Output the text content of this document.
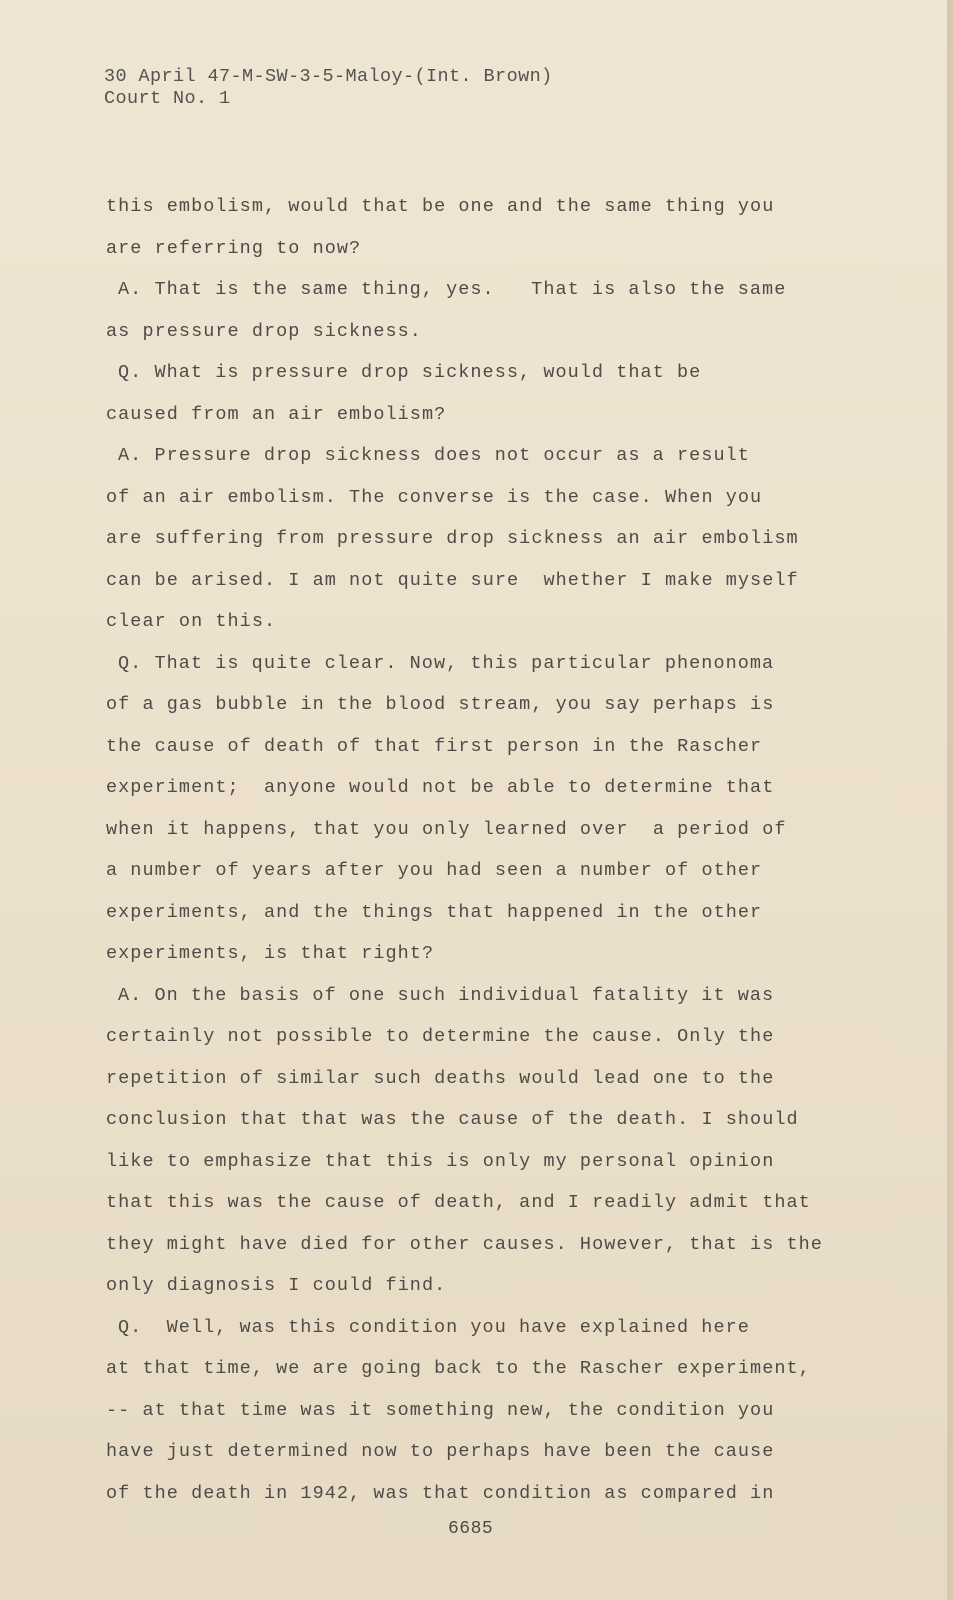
30 April 47-M-SW-3-5-Maloy-(Int. Brown)
Court No. 1
this embolism, would that be one and the same thing you
are referring to now?
A. That is the same thing, yes.   That is also the same
as pressure drop sickness.
Q. What is pressure drop sickness, would that be
caused from an air embolism?
A. Pressure drop sickness does not occur as a result
of an air embolism. The converse is the case. When you
are suffering from pressure drop sickness an air embolism
can be arised. I am not quite sure  whether I make myself
clear on this.
Q. That is quite clear. Now, this particular phenonoma
of a gas bubble in the blood stream, you say perhaps is
the cause of death of that first person in the Rascher
experiment;  anyone would not be able to determine that
when it happens, that you only learned over  a period of
a number of years after you had seen a number of other
experiments, and the things that happened in the other
experiments, is that right?
A. On the basis of one such individual fatality it was
certainly not possible to determine the cause. Only the
repetition of similar such deaths would lead one to the
conclusion that that was the cause of the death. I should
like to emphasize that this is only my personal opinion
that this was the cause of death, and I readily admit that
they might have died for other causes. However, that is the
only diagnosis I could find.
Q.  Well, was this condition you have explained here
at that time, we are going back to the Rascher experiment,
-- at that time was it something new, the condition you
have just determined now to perhaps have been the cause
of the death in 1942, was that condition as compared in
6685
